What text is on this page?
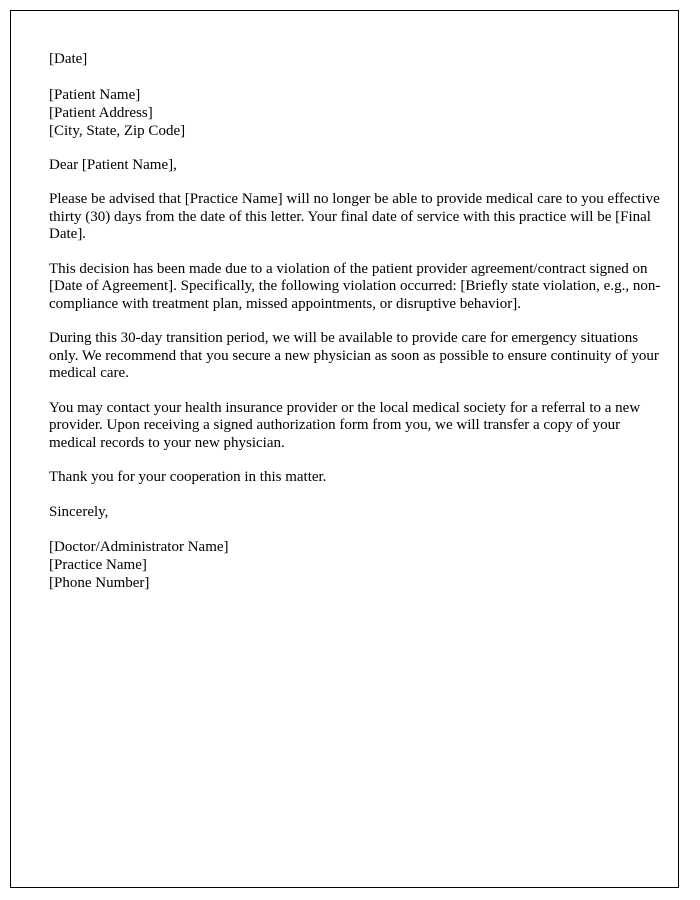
[Date]
[Patient Name]
[Patient Address]
[City, State, Zip Code]
Dear [Patient Name],

Please be advised that [Practice Name] will no longer be able to provide medical care to you effective thirty (30) days from the date of this letter. Your final date of service with this practice will be [Final Date].

This decision has been made due to a violation of the patient provider agreement/contract signed on [Date of Agreement]. Specifically, the following violation occurred: [Briefly state violation, e.g., non-compliance with treatment plan, missed appointments, or disruptive behavior].

During this 30-day transition period, we will be available to provide care for emergency situations only. We recommend that you secure a new physician as soon as possible to ensure continuity of your medical care.

You may contact your health insurance provider or the local medical society for a referral to a new provider. Upon receiving a signed authorization form from you, we will transfer a copy of your medical records to your new physician.

Thank you for your cooperation in this matter.
Sincerely,
[Doctor/Administrator Name]
[Practice Name]
[Phone Number]
